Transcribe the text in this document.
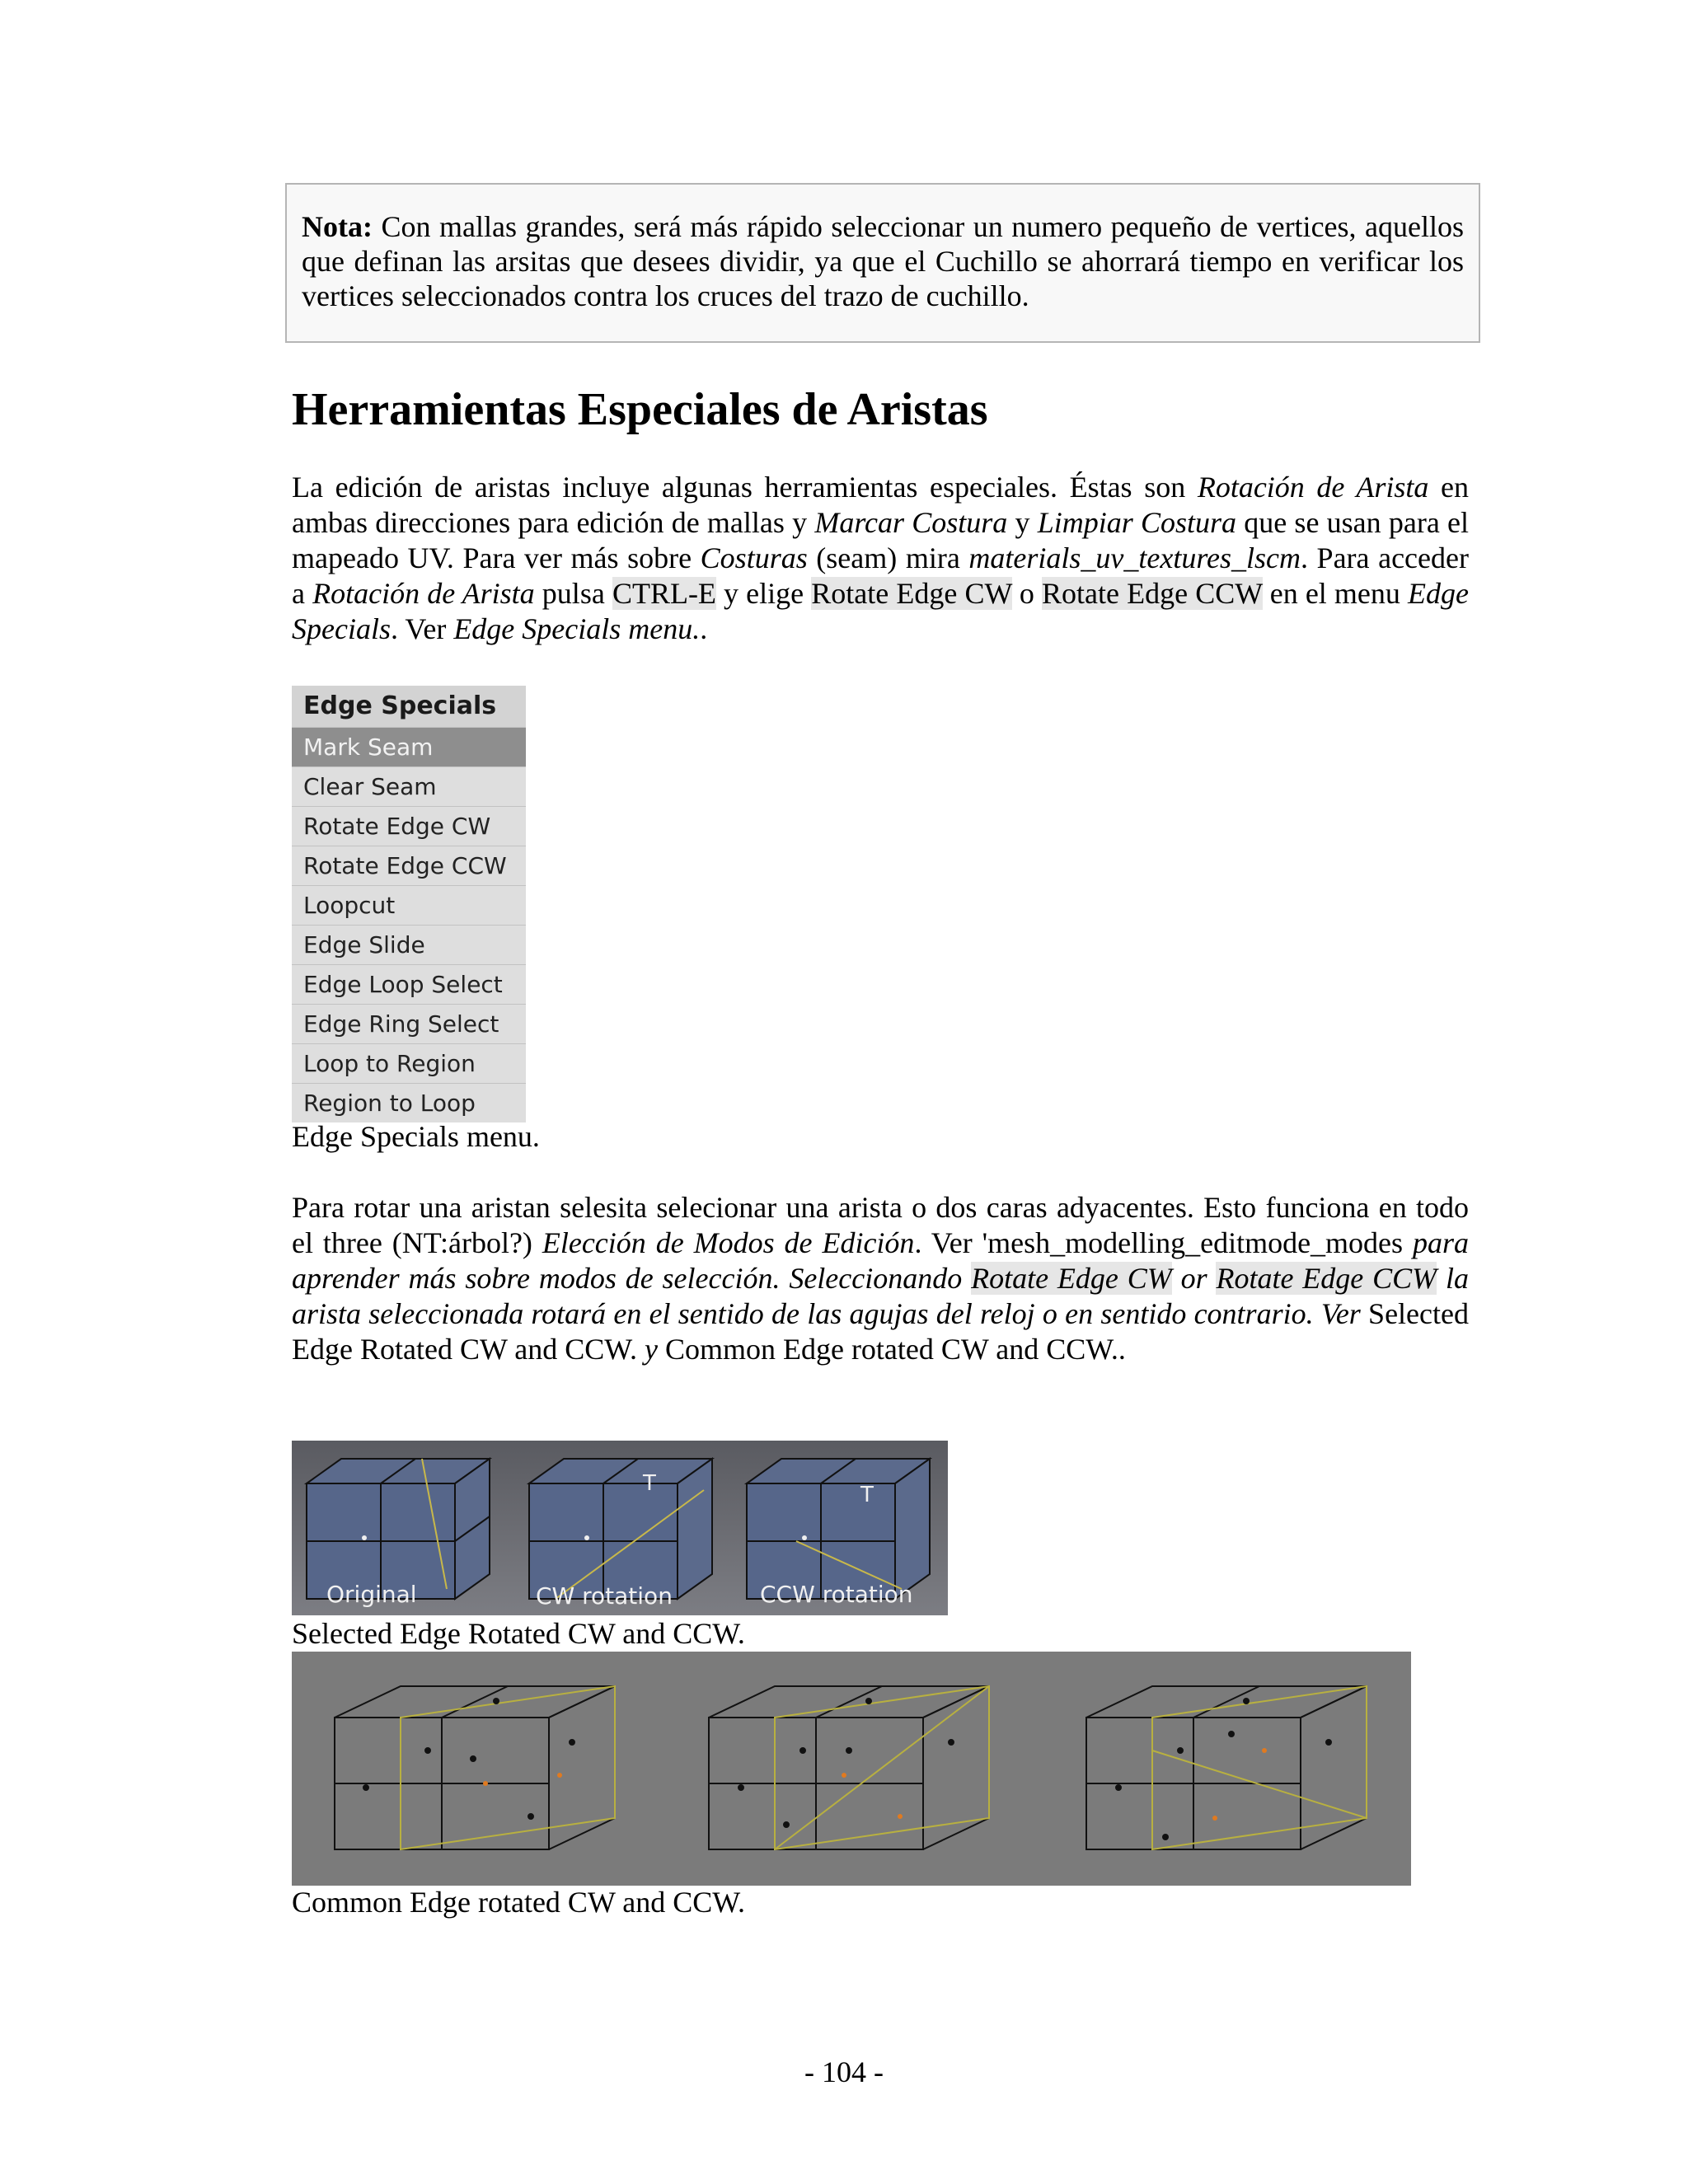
Nota: Con mallas grandes, será más rápido seleccionar un numero pequeño de vertices, aquellos que definan las arsitas que desees dividir, ya que el Cuchillo se ahorrará tiempo en verificar los vertices seleccionados contra los cruces del trazo de cuchillo.
Herramientas Especiales de Aristas

La edición de aristas incluye algunas herramientas especiales. Éstas son Rotación de Arista en ambas direcciones para edición de mallas y Marcar Costura y Limpiar Costura que se usan para el mapeado UV. Para ver más sobre Costuras (seam) mira materials_uv_textures_lscm. Para acceder a Rotación de Arista pulsa CTRL-E y elige Rotate Edge CW o Rotate Edge CCW en el menu Edge Specials. Ver Edge Specials menu..

Edge Specials
Mark Seam
Clear Seam
Rotate Edge CW
Rotate Edge CCW
Loopcut
Edge Slide
Edge Loop Select
Edge Ring Select
Loop to Region
Region to Loop

Edge Specials menu.

Para rotar una aristan selesita selecionar una arista o dos caras adyacentes. Esto funciona en todo el three (NT:árbol?) Elección de Modos de Edición. Ver 'mesh_modelling_editmode_modes para aprender más sobre modos de selección. Seleccionando Rotate Edge CW or Rotate Edge CCW la arista seleccionada rotará en el sentido de las agujas del reloj o en sentido contrario. Ver Selected Edge Rotated CW and CCW. y Common Edge rotated CW and CCW..

T	T
Original	CW rotation	CCW rotation

Selected Edge Rotated CW and CCW.

Common Edge rotated CW and CCW.

- 104 -
